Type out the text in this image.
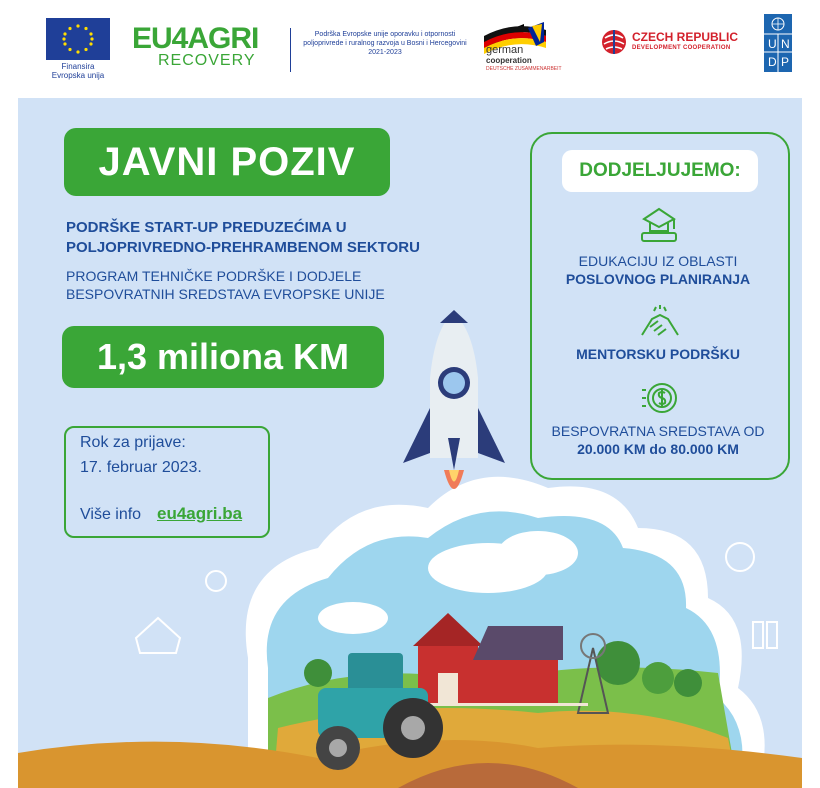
Finansira
Evropska unija
EU4AGRI
RECOVERY
Podrška Evropske unije oporavku i otpornosti poljoprivrede i ruralnog razvoja u Bosni i Hercegovini 2021-2023	german
cooperation
DEUTSCHE ZUSAMMENARBEIT
CZECH REPUBLIC
DEVELOPMENT COOPERATION	U N
D P
JAVNI POZIV
PODRŠKE START-UP PREDUZEĆIMA U
POLJOPRIVREDNO-PREHRAMBENOM SEKTORU
PROGRAM TEHNIČKE PODRŠKE I DODJELE
BESPOVRATNIH SREDSTAVA EVROPSKE UNIJE
1,3 miliona KM
Rok za prijave:
17. februar 2023.
Više info eu4agri.ba
DODJELJUJEMO:
EDUKACIJU IZ OBLASTI
POSLOVNOG PLANIRANJA
MENTORSKU PODRŠKU
BESPOVRATNA SREDSTAVA OD
20.000 KM do 80.000 KM
